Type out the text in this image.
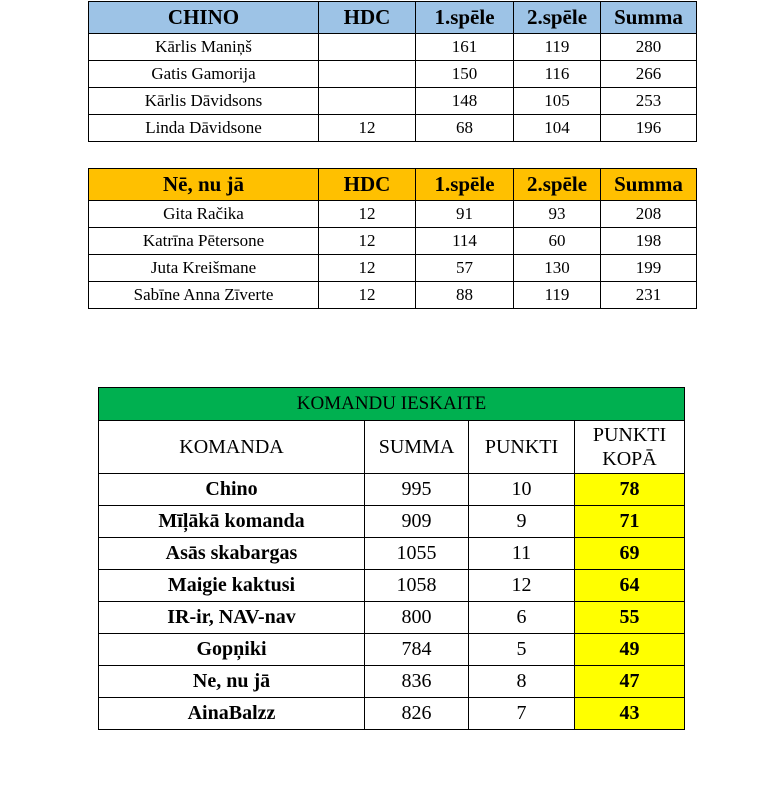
CHINO	HDC	1.spēle	2.spēle	Summa
Kārlis Maniņš		161	119	280
Gatis Gamorija		150	116	266
Kārlis Dāvidsons		148	105	253
Linda Dāvidsone	12	68	104	196
Nē, nu jā	HDC	1.spēle	2.spēle	Summa
Gita Račika	12	91	93	208
Katrīna Pētersone	12	114	60	198
Juta Kreišmane	12	57	130	199
Sabīne Anna Zīverte	12	88	119	231
KOMANDU IESKAITE			
KOMANDA	SUMMA	PUNKTI	PUNKTI KOPĀ
Chino	995	10	78
Mīļākā komanda	909	9	71
Asās skabargas	1055	11	69
Maigie kaktusi	1058	12	64
IR-ir, NAV-nav	800	6	55
Gopņiki	784	5	49
Ne, nu jā	836	8	47
AinaBalzz	826	7	43
